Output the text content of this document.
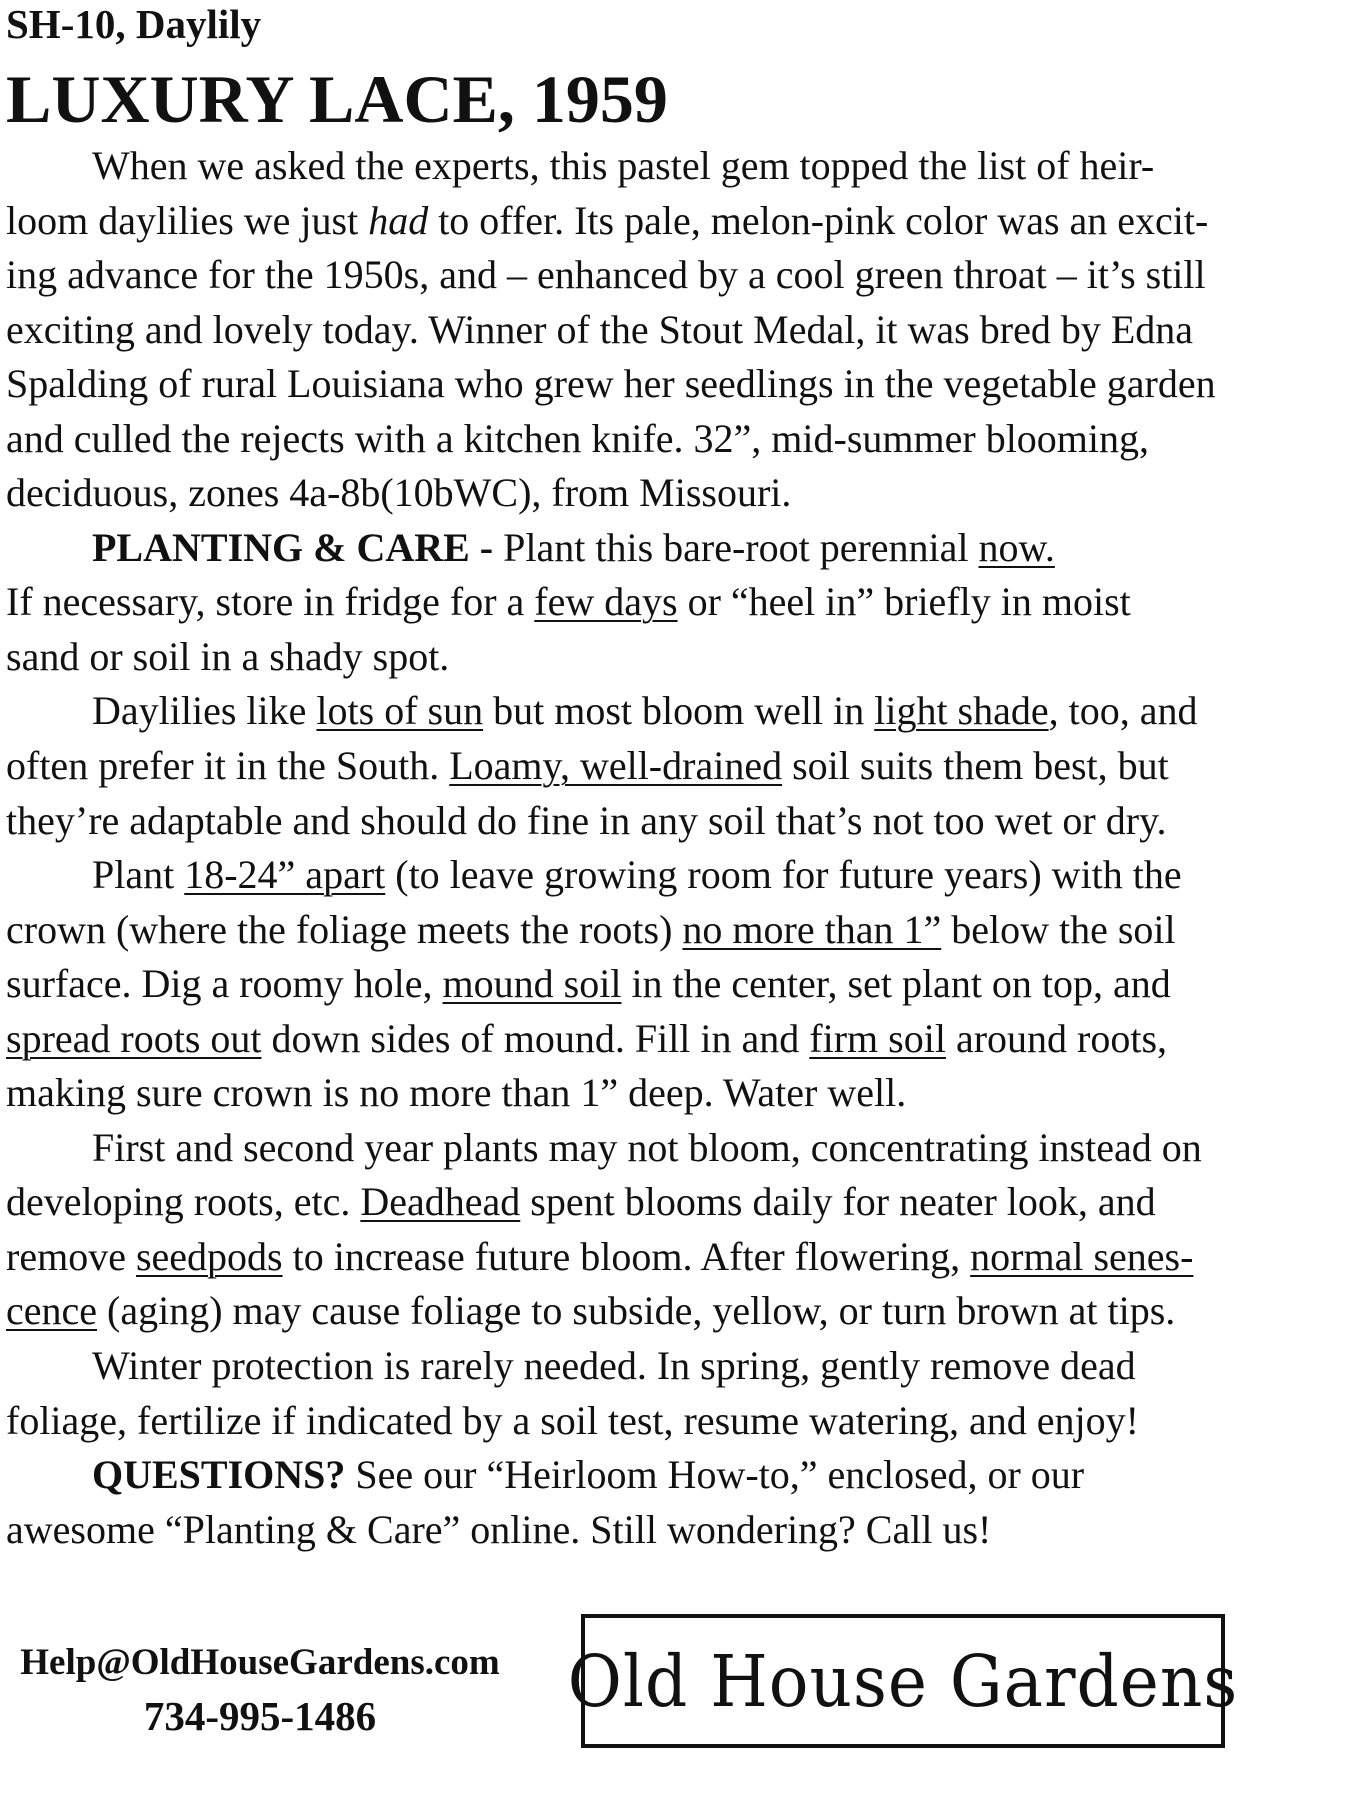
SH-10, Daylily
LUXURY LACE, 1959
When we asked the experts, this pastel gem topped the list of heir-
loom daylilies we just had to offer. Its pale, melon-pink color was an excit-
ing advance for the 1950s, and – enhanced by a cool green throat – it’s still
exciting and lovely today. Winner of the Stout Medal, it was bred by Edna
Spalding of rural Louisiana who grew her seedlings in the vegetable garden
and culled the rejects with a kitchen knife. 32”, mid-summer blooming,
deciduous, zones 4a-8b(10bWC), from Missouri.
PLANTING & CARE - Plant this bare-root perennial now.
If necessary, store in fridge for a few days or “heel in” briefly in moist
sand or soil in a shady spot.
Daylilies like lots of sun but most bloom well in light shade, too, and
often prefer it in the South. Loamy, well-drained soil suits them best, but
they’re adaptable and should do fine in any soil that’s not too wet or dry.
Plant 18-24” apart (to leave growing room for future years) with the
crown (where the foliage meets the roots) no more than 1” below the soil
surface. Dig a roomy hole, mound soil in the center, set plant on top, and
spread roots out down sides of mound. Fill in and firm soil around roots,
making sure crown is no more than 1” deep. Water well.
First and second year plants may not bloom, concentrating instead on
developing roots, etc. Deadhead spent blooms daily for neater look, and
remove seedpods to increase future bloom. After flowering, normal senes-
cence (aging) may cause foliage to subside, yellow, or turn brown at tips.
Winter protection is rarely needed. In spring, gently remove dead
foliage, fertilize if indicated by a soil test, resume watering, and enjoy!
QUESTIONS? See our “Heirloom How-to,” enclosed, or our
awesome “Planting & Care” online. Still wondering? Call us!
Help@OldHouseGardens.com
734-995-1486	Old House Gardens
